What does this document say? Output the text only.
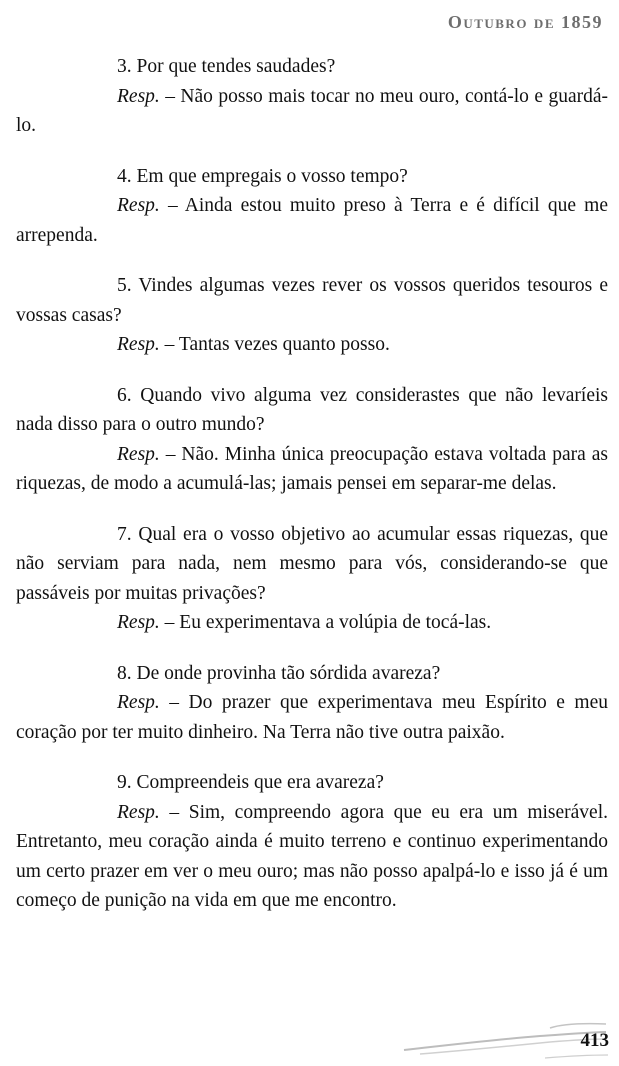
Outubro de 1859

3. Por que tendes saudades?

Resp. – Não posso mais tocar no meu ouro, contá-lo e guardá-lo.

4. Em que empregais o vosso tempo?

Resp. – Ainda estou muito preso à Terra e é difícil que me arrependa.

5. Vindes algumas vezes rever os vossos queridos tesouros e vossas casas?

Resp. – Tantas vezes quanto posso.

6. Quando vivo alguma vez considerastes que não levaríeis nada disso para o outro mundo?

Resp. – Não. Minha única preocupação estava voltada para as riquezas, de modo a acumulá-las; jamais pensei em separar-me delas.

7. Qual era o vosso objetivo ao acumular essas riquezas, que não serviam para nada, nem mesmo para vós, considerando-se que passáveis por muitas privações?

Resp. – Eu experimentava a volúpia de tocá-las.

8. De onde provinha tão sórdida avareza?

Resp. – Do prazer que experimentava meu Espírito e meu coração por ter muito dinheiro. Na Terra não tive outra paixão.

9. Compreendeis que era avareza?

Resp. – Sim, compreendo agora que eu era um miserável. Entretanto, meu coração ainda é muito terreno e continuo experimentando um certo prazer em ver o meu ouro; mas não posso apalpá-lo e isso já é um começo de punição na vida em que me encontro.

413
